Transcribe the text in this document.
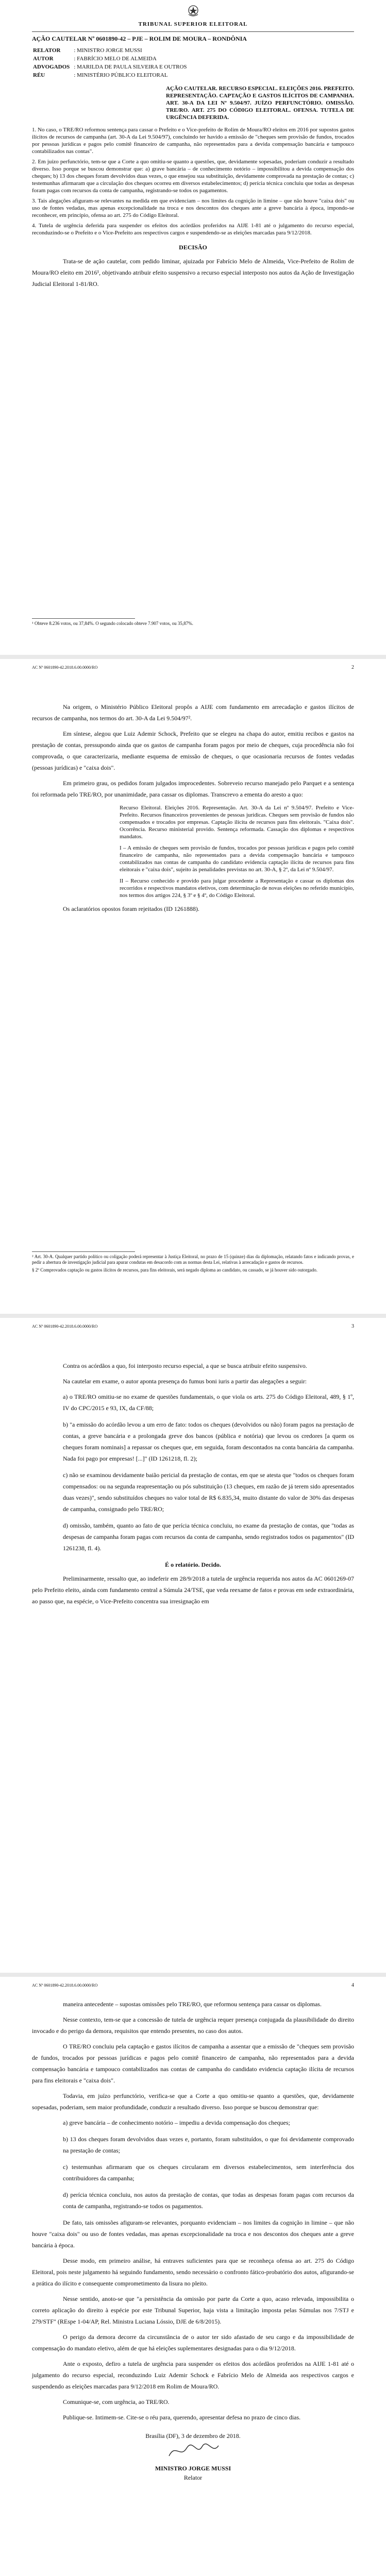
TRIBUNAL SUPERIOR ELEITORAL
AÇÃO CAUTELAR Nº 0601890-42 – PJE – ROLIM DE MOURA – RONDÔNIA
RELATOR	: MINISTRO JORGE MUSSI
AUTOR	: FABRÍCIO MELO DE ALMEIDA
ADVOGADOS	: MARILDA DE PAULA SILVEIRA E OUTROS
RÉU	: MINISTÉRIO PÚBLICO ELEITORAL
AÇÃO CAUTELAR. RECURSO ESPECIAL. ELEIÇÕES 2016. PREFEITO. REPRESENTAÇÃO. CAPTAÇÃO E GASTOS ILÍCITOS DE CAMPANHA. ART. 30-A DA LEI Nº 9.504/97. JUÍZO PERFUNCTÓRIO. OMISSÃO. TRE/RO. ART. 275 DO CÓDIGO ELEITORAL. OFENSA. TUTELA DE URGÊNCIA DEFERIDA.

1. No caso, o TRE/RO reformou sentença para cassar o Prefeito e o Vice-prefeito de Rolim de Moura/RO eleitos em 2016 por supostos gastos ilícitos de recursos de campanha (art. 30-A da Lei 9.504/97), concluindo ter havido a emissão de "cheques sem provisão de fundos, trocados por pessoas jurídicas e pagos pelo comitê financeiro de campanha, não representados para a devida compensação bancária e tampouco contabilizados nas contas".

2. Em juízo perfunctório, tem-se que a Corte a quo omitiu-se quanto a questões, que, devidamente sopesadas, poderiam conduzir a resultado diverso. Isso porque se buscou demonstrar que: a) grave bancária – de conhecimento notório – impossibilitou a devida compensação dos cheques; b) 13 dos cheques foram devolvidos duas vezes, o que ensejou sua substituição, devidamente comprovada na prestação de contas; c) testemunhas afirmaram que a circulação dos cheques ocorreu em diversos estabelecimentos; d) perícia técnica concluiu que todas as despesas foram pagas com recursos da conta de campanha, registrando-se todos os pagamentos.

3. Tais alegações afiguram-se relevantes na medida em que evidenciam – nos limites da cognição in limine – que não houve "caixa dois" ou uso de fontes vedadas, mas apenas excepcionalidade na troca e nos descontos dos cheques ante a greve bancária à época, impondo-se reconhecer, em princípio, ofensa ao art. 275 do Código Eleitoral.

4. Tutela de urgência deferida para suspender os efeitos dos acórdãos proferidos na AIJE 1-81 até o julgamento do recurso especial, reconduzindo-se o Prefeito e o Vice-Prefeito aos respectivos cargos e suspendendo-se as eleições marcadas para 9/12/2018.

DECISÃO

Trata-se de ação cautelar, com pedido liminar, ajuizada por Fabrício Melo de Almeida, Vice-Prefeito de Rolim de Moura/RO eleito em 2016¹, objetivando atribuir efeito suspensivo a recurso especial interposto nos autos da Ação de Investigação Judicial Eleitoral 1-81/RO.

¹ Obteve 8.236 votos, ou 37,84%. O segundo colocado obteve 7.907 votos, ou 35,87%.
AC Nº 0601890-42.2018.6.00.0000/RO	2

Na origem, o Ministério Público Eleitoral propôs a AIJE com fundamento em arrecadação e gastos ilícitos de recursos de campanha, nos termos do art. 30-A da Lei 9.504/97².

Em síntese, alegou que Luiz Ademir Schock, Prefeito que se elegeu na chapa do autor, emitiu recibos e gastos na prestação de contas, pressupondo ainda que os gastos de campanha foram pagos por meio de cheques, cuja procedência não foi comprovada, o que caracterizaria, mediante esquema de emissão de cheques, o que ocasionaria recursos de fontes vedadas (pessoas jurídicas) e "caixa dois".

Em primeiro grau, os pedidos foram julgados improcedentes. Sobreveio recurso manejado pelo Parquet e a sentença foi reformada pelo TRE/RO, por unanimidade, para cassar os diplomas. Transcrevo a ementa do aresto a quo:

Recurso Eleitoral. Eleições 2016. Representação. Art. 30-A da Lei nº 9.504/97. Prefeito e Vice-Prefeito. Recursos financeiros provenientes de pessoas jurídicas. Cheques sem provisão de fundos não compensados e trocados por empresas. Captação ilícita de recursos para fins eleitorais. "Caixa dois". Ocorrência. Recurso ministerial provido. Sentença reformada. Cassação dos diplomas e respectivos mandatos.

I – A emissão de cheques sem provisão de fundos, trocados por pessoas jurídicas e pagos pelo comitê financeiro de campanha, não representados para a devida compensação bancária e tampouco contabilizados nas contas de campanha do candidato evidencia captação ilícita de recursos para fins eleitorais e "caixa dois", sujeito às penalidades previstas no art. 30-A, § 2º, da Lei nº 9.504/97.

II – Recurso conhecido e provido para julgar procedente a Representação e cassar os diplomas dos recorridos e respectivos mandatos eletivos, com determinação de novas eleições no referido município, nos termos dos artigos 224, § 3º e § 4º, do Código Eleitoral.

Os aclaratórios opostos foram rejeitados (ID 1261888).

² Art. 30-A. Qualquer partido político ou coligação poderá representar à Justiça Eleitoral, no prazo de 15 (quinze) dias da diplomação, relatando fatos e indicando provas, e pedir a abertura de investigação judicial para apurar condutas em desacordo com as normas desta Lei, relativas à arrecadação e gastos de recursos.
§ 2º Comprovados captação ou gastos ilícitos de recursos, para fins eleitorais, será negado diploma ao candidato, ou cassado, se já houver sido outorgado.
AC Nº 0601890-42.2018.6.00.0000/RO	3

Contra os acórdãos a quo, foi interposto recurso especial, a que se busca atribuir efeito suspensivo.

Na cautelar em exame, o autor aponta presença do fumus boni iuris a partir das alegações a seguir:

a) o TRE/RO omitiu-se no exame de questões fundamentais, o que viola os arts. 275 do Código Eleitoral, 489, § 1º, IV do CPC/2015 e 93, IX, da CF/88;

b) "a emissão do acórdão levou a um erro de fato: todos os cheques (devolvidos ou não) foram pagos na prestação de contas, a greve bancária e a prolongada greve dos bancos (pública e notória) que levou os credores [a quem os cheques foram nominais] a repassar os cheques que, em seguida, foram descontados na conta bancária da campanha. Nada foi pago por empresas! [...]" (ID 1261218, fl. 2);

c) não se examinou devidamente baião pericial da prestação de contas, em que se atesta que "todos os cheques foram compensados: ou na segunda reapresentação ou pós substituição (13 cheques, em razão de já terem sido apresentados duas vezes)", sendo substituídos cheques no valor total de R$ 6.835,34, muito distante do valor de 30% das despesas de campanha, consignado pelo TRE/RO;

d) omissão, também, quanto ao fato de que perícia técnica concluiu, no exame da prestação de contas, que "todas as despesas de campanha foram pagas com recursos da conta de campanha, sendo registrados todos os pagamentos" (ID 1261238, fl. 4).

É o relatório. Decido.

Preliminarmente, ressalto que, ao indeferir em 28/9/2018 a tutela de urgência requerida nos autos da AC 0601269-07 pelo Prefeito eleito, ainda com fundamento central a Súmula 24/TSE, que veda reexame de fatos e provas em sede extraordinária, ao passo que, na espécie, o Vice-Prefeito concentra sua irresignação em

AC Nº 0601890-42.2018.6.00.0000/RO	4

maneira antecedente – supostas omissões pelo TRE/RO, que reformou sentença para cassar os diplomas.

Nesse contexto, tem-se que a concessão de tutela de urgência requer presença conjugada da plausibilidade do direito invocado e do perigo da demora, requisitos que entendo presentes, no caso dos autos.

O TRE/RO concluiu pela captação e gastos ilícitos de campanha a assentar que a emissão de "cheques sem provisão de fundos, trocados por pessoas jurídicas e pagos pelo comitê financeiro de campanha, não representados para a devida compensação bancária e tampouco contabilizados nas contas de campanha do candidato evidencia captação ilícita de recursos para fins eleitorais e "caixa dois".

Todavia, em juízo perfunctório, verifica-se que a Corte a quo omitiu-se quanto a questões, que, devidamente sopesadas, poderiam, sem maior profundidade, conduzir a resultado diverso. Isso porque se buscou demonstrar que:

a) greve bancária – de conhecimento notório – impediu a devida compensação dos cheques;

b) 13 dos cheques foram devolvidos duas vezes e, portanto, foram substituídos, o que foi devidamente comprovado na prestação de contas;

c) testemunhas afirmaram que os cheques circularam em diversos estabelecimentos, sem interferência dos contribuidores da campanha;

d) perícia técnica concluiu, nos autos da prestação de contas, que todas as despesas foram pagas com recursos da conta de campanha, registrando-se todos os pagamentos.

De fato, tais omissões afiguram-se relevantes, porquanto evidenciam – nos limites da cognição in limine – que não houve "caixa dois" ou uso de fontes vedadas, mas apenas excepcionalidade na troca e nos descontos dos cheques ante a greve bancária à época.

Desse modo, em primeiro análise, há entraves suficientes para que se reconheça ofensa ao art. 275 do Código Eleitoral, pois neste julgamento há seguindo fundamento, sendo necessário o confronto fático-probatório dos autos, afigurando-se a prática do ilícito e consequente comprometimento da lisura no pleito.

Nesse sentido, anoto-se que "a persistência da omissão por parte da Corte a quo, acaso relevada, impossibilita o correto aplicação do direito à espécie por este Tribunal Superior, haja vista a limitação imposta pelas Súmulas nos 7/STJ e 279/STF" (REspe 1-04/AP, Rel. Ministra Luciana Lóssio, DJE de 6/8/2015).

O perigo da demora decorre da circunstância de o autor ter sido afastado de seu cargo e da impossibilidade de compensação do mandato eletivo, além de que há eleições suplementares designadas para o dia 9/12/2018.

Ante o exposto, defiro a tutela de urgência para suspender os efeitos dos acórdãos proferidos na AIJE 1-81 até o julgamento do recurso especial, reconduzindo Luiz Ademir Schock e Fabrício Melo de Almeida aos respectivos cargos e suspendendo as eleições marcadas para 9/12/2018 em Rolim de Moura/RO.

Comunique-se, com urgência, ao TRE/RO.

Publique-se. Intimem-se. Cite-se o réu para, querendo, apresentar defesa no prazo de cinco dias.

Brasília (DF), 3 de dezembro de 2018.
MINISTRO JORGE MUSSI
Relator
